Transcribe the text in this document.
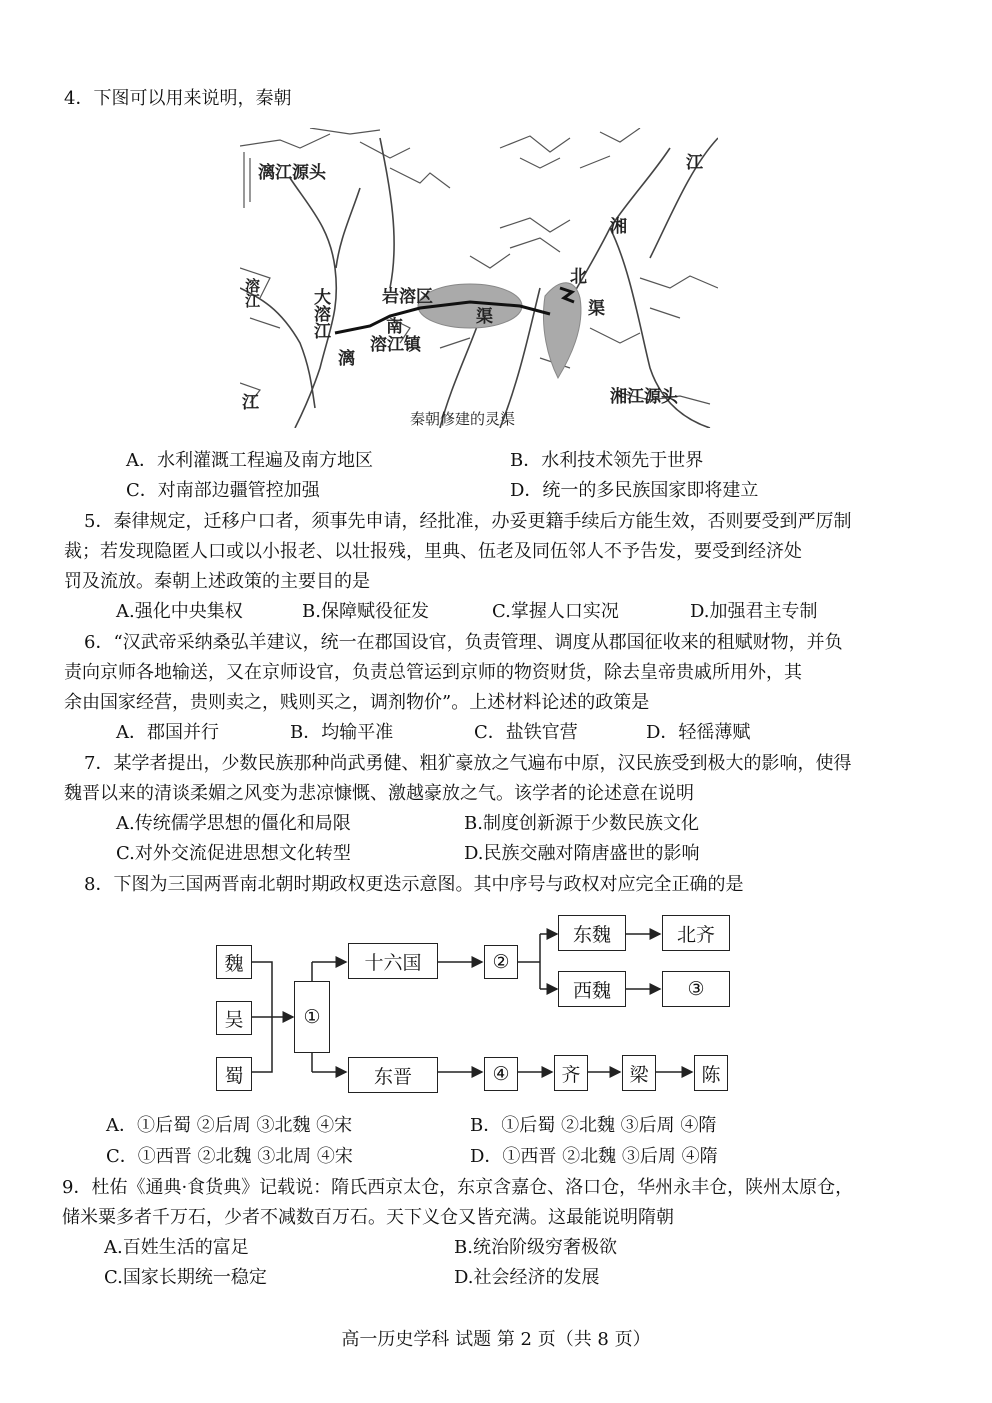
4．下图可以用来说明，秦朝
漓江源头
岩溶区
渠
北
渠
湘
江
湘江源头
大溶江
溶江
南
溶江镇
漓
江
秦朝修建的灵渠
A．水利灌溉工程遍及南方地区	B．水利技术领先于世界
C．对南部边疆管控加强	D．统一的多民族国家即将建立
5．秦律规定，迁移户口者，须事先申请，经批准，办妥更籍手续后方能生效，否则要受到严厉制
裁；若发现隐匿人口或以小报老、以壮报残，里典、伍老及同伍邻人不予告发，要受到经济处
罚及流放。秦朝上述政策的主要目的是
A.强化中央集权	B.保障赋役征发	C.掌握人口实况	D.加强君主专制
6．“汉武帝采纳桑弘羊建议，统一在郡国设官，负责管理、调度从郡国征收来的租赋财物，并负
责向京师各地输送，又在京师设官，负责总管运到京师的物资财货，除去皇帝贵戚所用外，其
余由国家经营，贵则卖之，贱则买之，调剂物价”。上述材料论述的政策是
A．郡国并行	B．均输平准	C．盐铁官营	D．轻徭薄赋
7．某学者提出，少数民族那种尚武勇健、粗犷豪放之气遍布中原，汉民族受到极大的影响，使得
魏晋以来的清谈柔媚之风变为悲凉慷慨、激越豪放之气。该学者的论述意在说明
A.传统儒学思想的僵化和局限	B.制度创新源于少数民族文化
C.对外交流促进思想文化转型	D.民族交融对隋唐盛世的影响
8．下图为三国两晋南北朝时期政权更迭示意图。其中序号与政权对应完全正确的是
魏
吴
蜀
①
十六国	②
东魏	北齐
西魏	③
东晋	④	齐	梁	陈
A．①后蜀 ②后周 ③北魏 ④宋	B．①后蜀 ②北魏 ③后周 ④隋
C．①西晋 ②北魏 ③北周 ④宋	D．①西晋 ②北魏 ③后周 ④隋
9．杜佑《通典·食货典》记载说：隋氏西京太仓，东京含嘉仓、洛口仓，华州永丰仓，陕州太原仓，
储米粟多者千万石，少者不减数百万石。天下义仓又皆充满。这最能说明隋朝
A.百姓生活的富足	B.统治阶级穷奢极欲
C.国家长期统一稳定	D.社会经济的发展
高一历史学科 试题 第 2 页（共 8 页）
